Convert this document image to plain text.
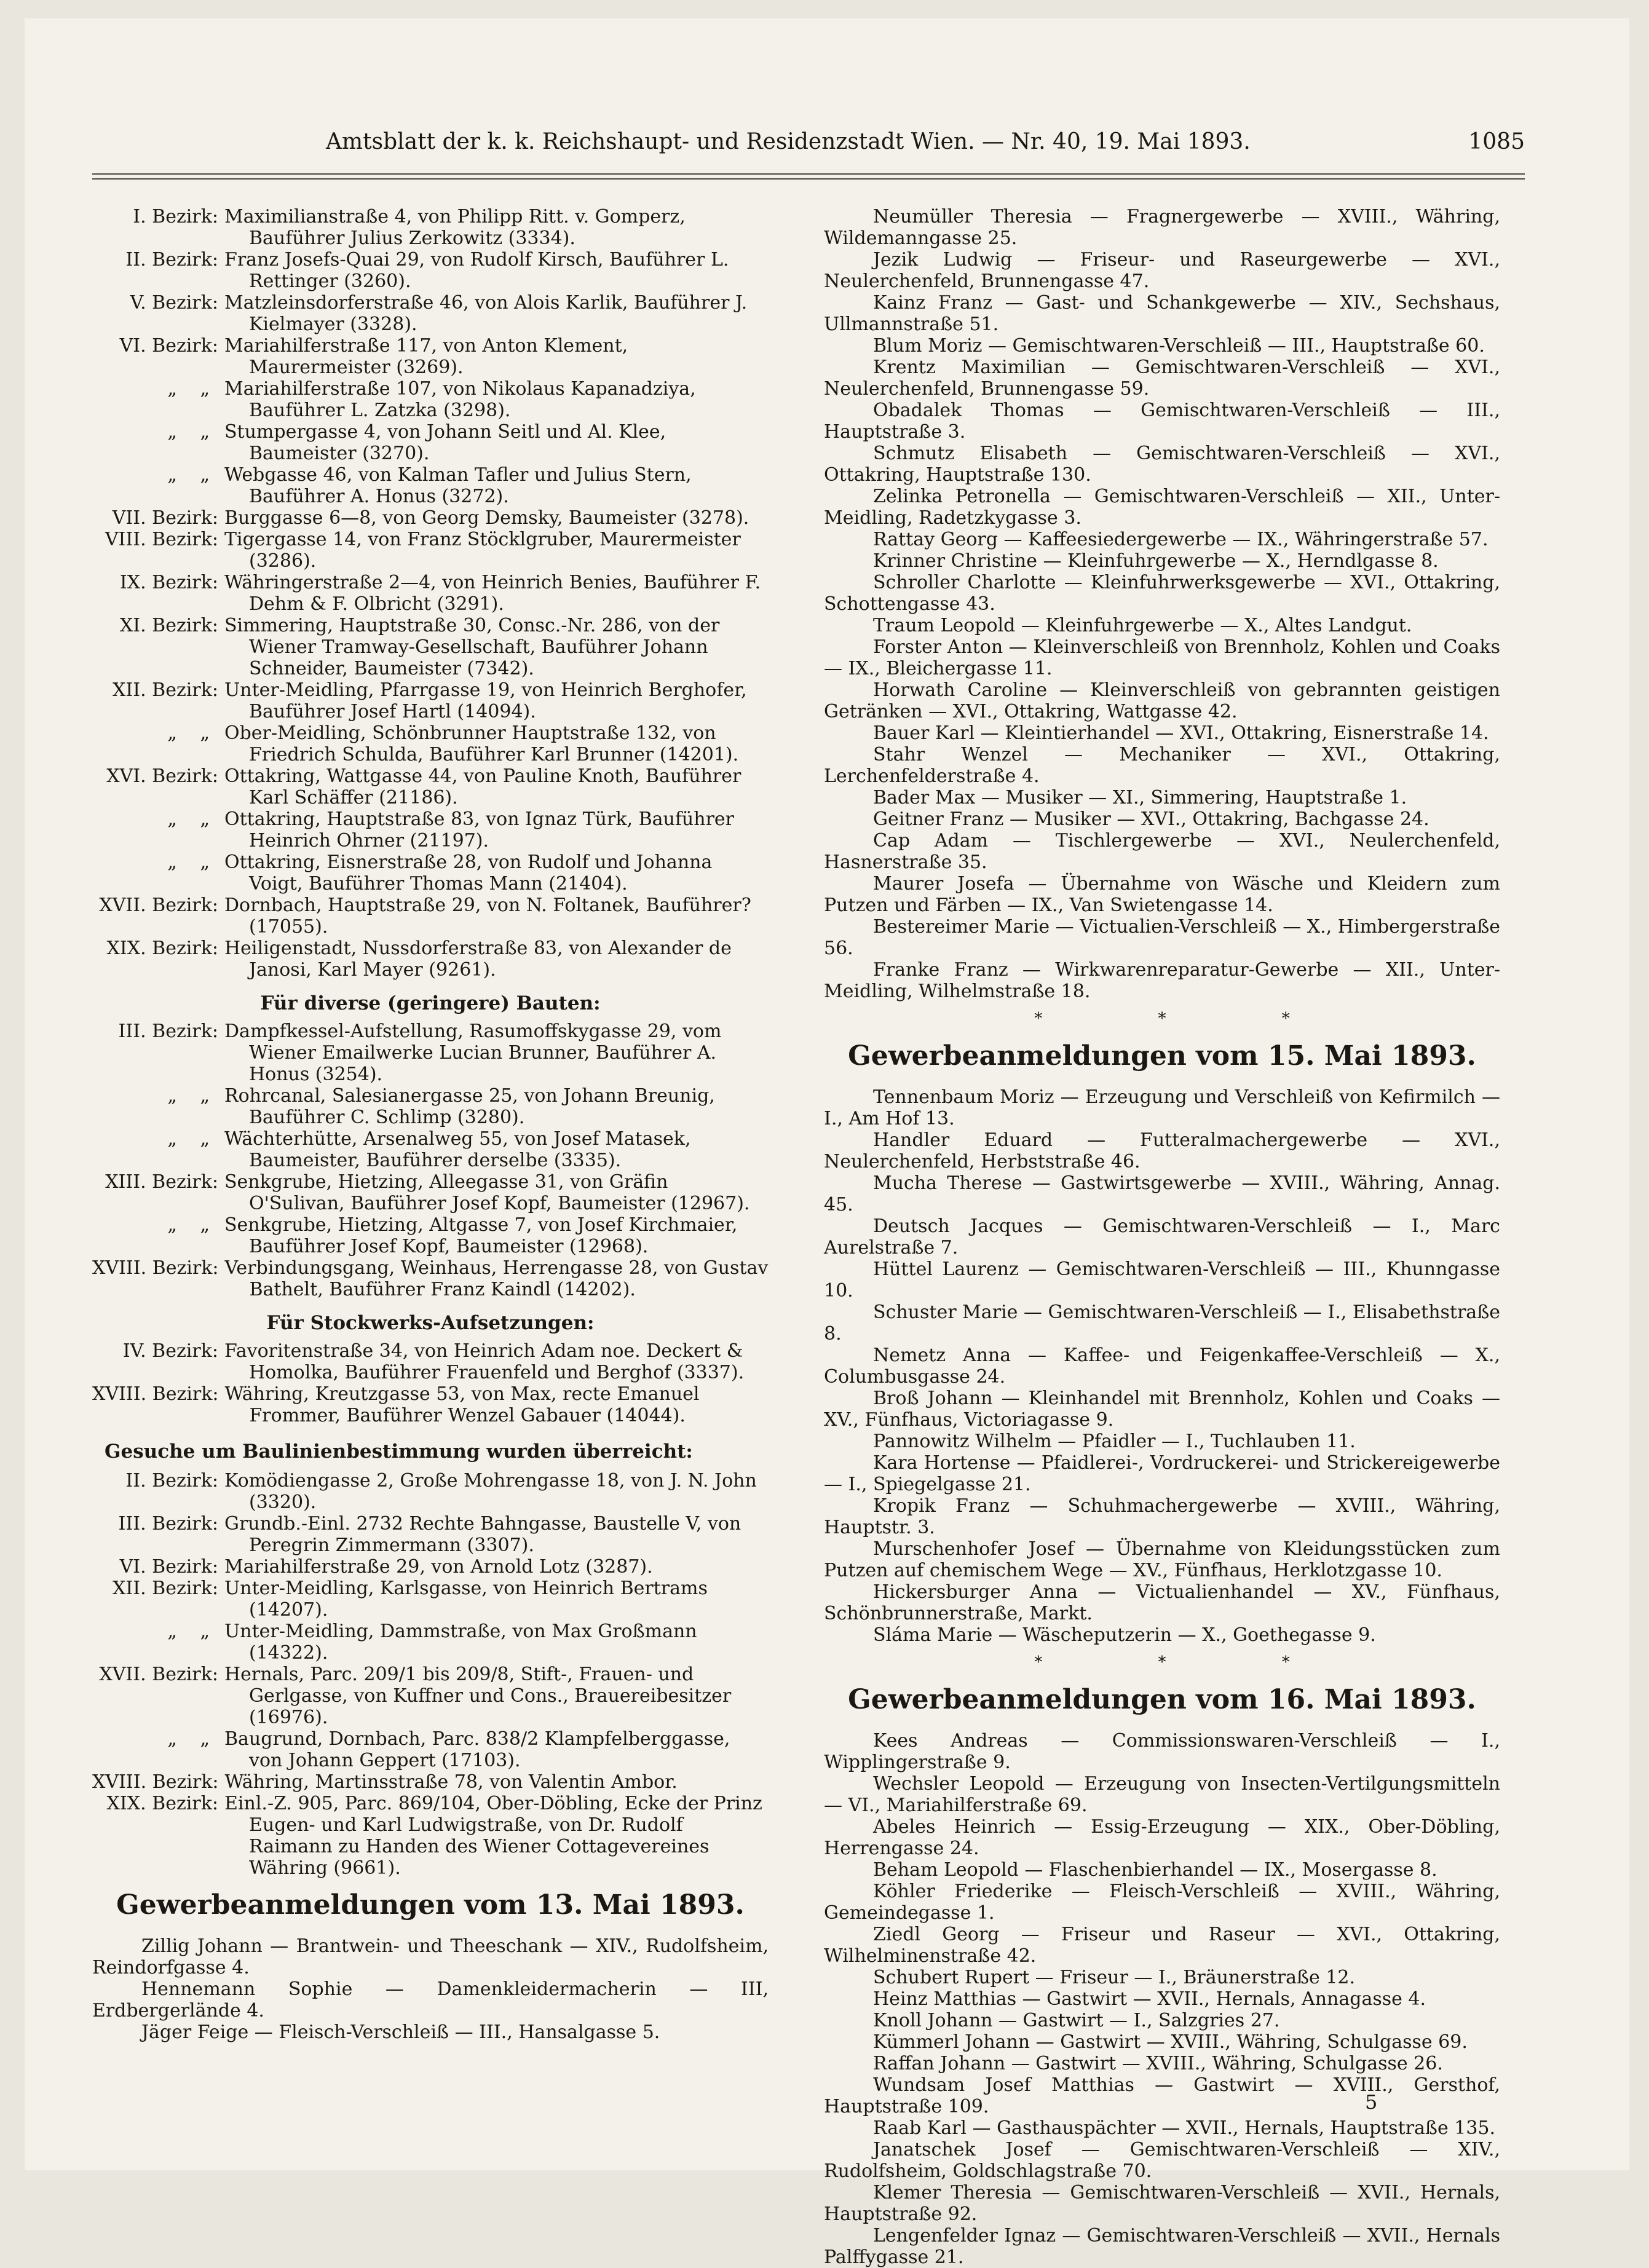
Amtsblatt der k. k. Reichshaupt- und Residenzstadt Wien. — Nr. 40, 19. Mai 1893.	1085
I. Bezirk: Maximilianstraße 4, von Philipp Ritt. v. Gomperz, Bauführer Julius Zerkowitz (3334).
II. Bezirk: Franz Josefs-Quai 29, von Rudolf Kirsch, Bauführer L. Rettinger (3260).
V. Bezirk: Matzleinsdorferstraße 46, von Alois Karlik, Bauführer J. Kielmayer (3328).
VI. Bezirk: Mariahilferstraße 117, von Anton Klement, Maurermeister (3269).
„ „ Mariahilferstraße 107, von Nikolaus Kapanadziya, Bauführer L. Zatzka (3298).
„ „ Stumpergasse 4, von Johann Seitl und Al. Klee, Baumeister (3270).
„ „ Webgasse 46, von Kalman Tafler und Julius Stern, Bauführer A. Honus (3272).
VII. Bezirk: Burggasse 6—8, von Georg Demsky, Baumeister (3278).
VIII. Bezirk: Tigergasse 14, von Franz Stöcklgruber, Maurermeister (3286).
IX. Bezirk: Währingerstraße 2—4, von Heinrich Benies, Bauführer F. Dehm & F. Olbricht (3291).
XI. Bezirk: Simmering, Hauptstraße 30, Consc.-Nr. 286, von der Wiener Tramway-Gesellschaft, Bauführer Johann Schneider, Baumeister (7342).
XII. Bezirk: Unter-Meidling, Pfarrgasse 19, von Heinrich Berghofer, Bauführer Josef Hartl (14094).
„ „ Ober-Meidling, Schönbrunner Hauptstraße 132, von Friedrich Schulda, Bauführer Karl Brunner (14201).
XVI. Bezirk: Ottakring, Wattgasse 44, von Pauline Knoth, Bauführer Karl Schäffer (21186).
„ „ Ottakring, Hauptstraße 83, von Ignaz Türk, Bauführer Heinrich Ohrner (21197).
„ „ Ottakring, Eisnerstraße 28, von Rudolf und Johanna Voigt, Bauführer Thomas Mann (21404).
XVII. Bezirk: Dornbach, Hauptstraße 29, von N. Foltanek, Bauführer? (17055).
XIX. Bezirk: Heiligenstadt, Nussdorferstraße 83, von Alexander de Janosi, Karl Mayer (9261).
Für diverse (geringere) Bauten:
III. Bezirk: Dampfkessel-Aufstellung, Rasumoffskygasse 29, vom Wiener Emailwerke Lucian Brunner, Bauführer A. Honus (3254).
„ „ Rohrcanal, Salesianergasse 25, von Johann Breunig, Bauführer C. Schlimp (3280).
„ „ Wächterhütte, Arsenalweg 55, von Josef Matasek, Baumeister, Bauführer derselbe (3335).
XIII. Bezirk: Senkgrube, Hietzing, Alleegasse 31, von Gräfin O'Sulivan, Bauführer Josef Kopf, Baumeister (12967).
„ „ Senkgrube, Hietzing, Altgasse 7, von Josef Kirchmaier, Bauführer Josef Kopf, Baumeister (12968).
XVIII. Bezirk: Verbindungsgang, Weinhaus, Herrengasse 28, von Gustav Bathelt, Bauführer Franz Kaindl (14202).
Für Stockwerks-Aufsetzungen:
IV. Bezirk: Favoritenstraße 34, von Heinrich Adam noe. Deckert & Homolka, Bauführer Frauenfeld und Berghof (3337).
XVIII. Bezirk: Währing, Kreutzgasse 53, von Max, recte Emanuel Frommer, Bauführer Wenzel Gabauer (14044).
Gesuche um Baulinienbestimmung wurden überreicht:
II. Bezirk: Komödiengasse 2, Große Mohrengasse 18, von J. N. John (3320).
III. Bezirk: Grundb.-Einl. 2732 Rechte Bahngasse, Baustelle V, von Peregrin Zimmermann (3307).
VI. Bezirk: Mariahilferstraße 29, von Arnold Lotz (3287).
XII. Bezirk: Unter-Meidling, Karlsgasse, von Heinrich Bertrams (14207).
„ „ Unter-Meidling, Dammstraße, von Max Großmann (14322).
XVII. Bezirk: Hernals, Parc. 209/1 bis 209/8, Stift-, Frauen- und Gerlgasse, von Kuffner und Cons., Brauereibesitzer (16976).
„ „ Baugrund, Dornbach, Parc. 838/2 Klampfelberggasse, von Johann Geppert (17103).
XVIII. Bezirk: Währing, Martinsstraße 78, von Valentin Ambor.
XIX. Bezirk: Einl.-Z. 905, Parc. 869/104, Ober-Döbling, Ecke der Prinz Eugen- und Karl Ludwigstraße, von Dr. Rudolf Raimann zu Handen des Wiener Cottagevereines Währing (9661).
Gewerbeanmeldungen vom 13. Mai 1893.
Zillig Johann — Brantwein- und Theeschank — XIV., Rudolfsheim, Reindorfgasse 4.
Hennemann Sophie — Damenkleidermacherin — III, Erdbergerlände 4.
Jäger Feige — Fleisch-Verschleiß — III., Hansalgasse 5.
Neumüller Theresia — Fragnergewerbe — XVIII., Währing, Wildemanngasse 25.
Jezik Ludwig — Friseur- und Raseurgewerbe — XVI., Neulerchenfeld, Brunnengasse 47.
Kainz Franz — Gast- und Schankgewerbe — XIV., Sechshaus, Ullmannstraße 51.
Blum Moriz — Gemischtwaren-Verschleiß — III., Hauptstraße 60.
Krentz Maximilian — Gemischtwaren-Verschleiß — XVI., Neulerchenfeld, Brunnengasse 59.
Obadalek Thomas — Gemischtwaren-Verschleiß — III., Hauptstraße 3.
Schmutz Elisabeth — Gemischtwaren-Verschleiß — XVI., Ottakring, Hauptstraße 130.
Zelinka Petronella — Gemischtwaren-Verschleiß — XII., Unter-Meidling, Radetzkygasse 3.
Rattay Georg — Kaffeesiedergewerbe — IX., Währingerstraße 57.
Krinner Christine — Kleinfuhrgewerbe — X., Herndlgasse 8.
Schroller Charlotte — Kleinfuhrwerksgewerbe — XVI., Ottakring, Schottengasse 43.
Traum Leopold — Kleinfuhrgewerbe — X., Altes Landgut.
Forster Anton — Kleinverschleiß von Brennholz, Kohlen und Coaks — IX., Bleichergasse 11.
Horwath Caroline — Kleinverschleiß von gebrannten geistigen Getränken — XVI., Ottakring, Wattgasse 42.
Bauer Karl — Kleintierhandel — XVI., Ottakring, Eisnerstraße 14.
Stahr Wenzel — Mechaniker — XVI., Ottakring, Lerchenfelderstraße 4.
Bader Max — Musiker — XI., Simmering, Hauptstraße 1.
Geitner Franz — Musiker — XVI., Ottakring, Bachgasse 24.
Cap Adam — Tischlergewerbe — XVI., Neulerchenfeld, Hasnerstraße 35.
Maurer Josefa — Übernahme von Wäsche und Kleidern zum Putzen und Färben — IX., Van Swietengasse 14.
Bestereimer Marie — Victualien-Verschleiß — X., Himbergerstraße 56.
Franke Franz — Wirkwarenreparatur-Gewerbe — XII., Unter-Meidling, Wilhelmstraße 18.
* * *
Gewerbeanmeldungen vom 15. Mai 1893.
Tennenbaum Moriz — Erzeugung und Verschleiß von Kefirmilch — I., Am Hof 13.
Handler Eduard — Futteralmachergewerbe — XVI., Neulerchenfeld, Herbststraße 46.
Mucha Therese — Gastwirtsgewerbe — XVIII., Währing, Annag. 45.
Deutsch Jacques — Gemischtwaren-Verschleiß — I., Marc Aurelstraße 7.
Hüttel Laurenz — Gemischtwaren-Verschleiß — III., Khunngasse 10.
Schuster Marie — Gemischtwaren-Verschleiß — I., Elisabethstraße 8.
Nemetz Anna — Kaffee- und Feigenkaffee-Verschleiß — X., Columbusgasse 24.
Broß Johann — Kleinhandel mit Brennholz, Kohlen und Coaks — XV., Fünfhaus, Victoriagasse 9.
Pannowitz Wilhelm — Pfaidler — I., Tuchlauben 11.
Kara Hortense — Pfaidlerei-, Vordruckerei- und Strickereigewerbe — I., Spiegelgasse 21.
Kropik Franz — Schuhmachergewerbe — XVIII., Währing, Hauptstr. 3.
Murschenhofer Josef — Übernahme von Kleidungsstücken zum Putzen auf chemischem Wege — XV., Fünfhaus, Herklotzgasse 10.
Hickersburger Anna — Victualienhandel — XV., Fünfhaus, Schönbrunnerstraße, Markt.
Sláma Marie — Wäscheputzerin — X., Goethegasse 9.
* * *
Gewerbeanmeldungen vom 16. Mai 1893.
Kees Andreas — Commissionswaren-Verschleiß — I., Wipplingerstraße 9.
Wechsler Leopold — Erzeugung von Insecten-Vertilgungsmitteln — VI., Mariahilferstraße 69.
Abeles Heinrich — Essig-Erzeugung — XIX., Ober-Döbling, Herrengasse 24.
Beham Leopold — Flaschenbierhandel — IX., Mosergasse 8.
Köhler Friederike — Fleisch-Verschleiß — XVIII., Währing, Gemeindegasse 1.
Ziedl Georg — Friseur und Raseur — XVI., Ottakring, Wilhelminenstraße 42.
Schubert Rupert — Friseur — I., Bräunerstraße 12.
Heinz Matthias — Gastwirt — XVII., Hernals, Annagasse 4.
Knoll Johann — Gastwirt — I., Salzgries 27.
Kümmerl Johann — Gastwirt — XVIII., Währing, Schulgasse 69.
Raffan Johann — Gastwirt — XVIII., Währing, Schulgasse 26.
Wundsam Josef Matthias — Gastwirt — XVIII., Gersthof, Hauptstraße 109.
Raab Karl — Gasthauspächter — XVII., Hernals, Hauptstraße 135.
Janatschek Josef — Gemischtwaren-Verschleiß — XIV., Rudolfsheim, Goldschlagstraße 70.
Klemer Theresia — Gemischtwaren-Verschleiß — XVII., Hernals, Hauptstraße 92.
Lengenfelder Ignaz — Gemischtwaren-Verschleiß — XVII., Hernals Palffygasse 21.
5
